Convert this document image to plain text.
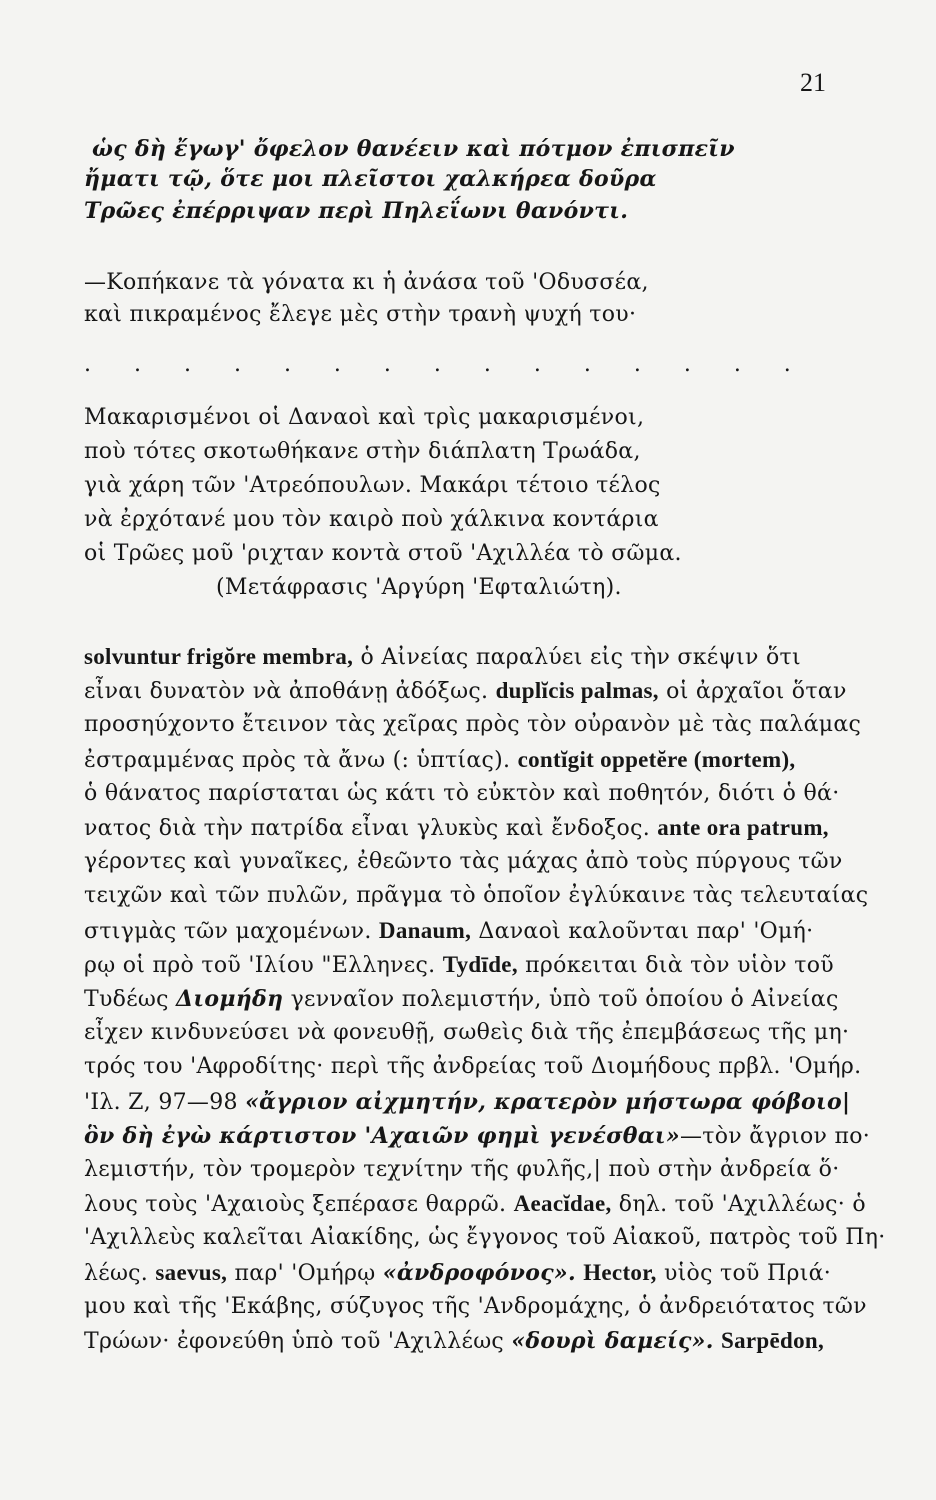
21
ὡς δὴ ἔγωγ' ὄφελον θανέειν καὶ πότμον ἐπισπεῖν
ἤματι τῷ, ὅτε μοι πλεῖστοι χαλκήρεα δοῦρα
Τρῶες ἐπέρριψαν περὶ Πηλεΐωνι θανόντι.
—Κοπήκανε τὰ γόνατα κι ἡ ἀνάσα τοῦ 'Οδυσσέα,
καὶ πικραμένος ἔλεγε μὲς στὴν τρανὴ ψυχή του·
. . . . . . . . . . . . . . .
Μακαρισμένοι οἱ Δαναοὶ καὶ τρὶς μακαρισμένοι,
ποὺ τότες σκοτωθήκανε στὴν διάπλατη Τρωάδα,
γιὰ χάρη τῶν 'Ατρεόπουλων. Μακάρι τέτοιο τέλος
νὰ ἐρχότανέ μου τὸν καιρὸ ποὺ χάλκινα κοντάρια
οἱ Τρῶες μοῦ 'ριχταν κοντὰ στοῦ 'Αχιλλέα τὸ σῶμα.
(Μετάφρασις 'Αργύρη 'Εφταλιώτη).
solvuntur frigŏre membra, ὁ Αἰνείας παραλύει εἰς τὴν σκέψιν ὅτι
εἶναι δυνατὸν νὰ ἀποθάνῃ ἀδόξως. duplĭcis palmas, οἱ ἀρχαῖοι ὅταν
προσηύχοντο ἔτεινον τὰς χεῖρας πρὸς τὸν οὐρανὸν μὲ τὰς παλάμας
ἐστραμμένας πρὸς τὰ ἄνω (: ὑπτίας). contĭgit oppetĕre (mortem),
ὁ θάνατος παρίσταται ὡς κάτι τὸ εὐκτὸν καὶ ποθητόν, διότι ὁ θά·
νατος διὰ τὴν πατρίδα εἶναι γλυκὺς καὶ ἔνδοξος. ante ora patrum,
γέροντες καὶ γυναῖκες, ἐθεῶντο τὰς μάχας ἀπὸ τοὺς πύργους τῶν
τειχῶν καὶ τῶν πυλῶν, πρᾶγμα τὸ ὁποῖον ἐγλύκαινε τὰς τελευταίας
στιγμὰς τῶν μαχομένων. Danaum, Δαναοὶ καλοῦνται παρ' 'Ομή·
ρῳ οἱ πρὸ τοῦ 'Ιλίου "Ελληνες. Tydīde, πρόκειται διὰ τὸν υἱὸν τοῦ
Τυδέως Διομήδη γενναῖον πολεμιστήν, ὑπὸ τοῦ ὁποίου ὁ Αἰνείας
εἶχεν κινδυνεύσει νὰ φονευθῇ, σωθεὶς διὰ τῆς ἐπεμβάσεως τῆς μη·
τρός του 'Αφροδίτης· περὶ τῆς ἀνδρείας τοῦ Διομήδους πρβλ. 'Ομήρ.
'Ιλ. Ζ, 97—98 «ἄγριον αἰχμητήν, κρατερὸν μήστωρα φόβοιο|
ὃν δὴ ἐγὼ κάρτιστον 'Αχαιῶν φημὶ γενέσθαι»—τὸν ἄγριον πο·
λεμιστήν, τὸν τρομερὸν τεχνίτην τῆς φυλῆς,| ποὺ στὴν ἀνδρεία ὅ·
λους τοὺς 'Αχαιοὺς ξεπέρασε θαρρῶ. Aeacĭdae, δηλ. τοῦ 'Αχιλλέως· ὁ
'Αχιλλεὺς καλεῖται Αἰακίδης, ὡς ἔγγονος τοῦ Αἰακοῦ, πατρὸς τοῦ Πη·
λέως. saevus, παρ' 'Ομήρῳ «ἀνδροφόνος». Hector, υἱὸς τοῦ Πριά·
μου καὶ τῆς 'Εκάβης, σύζυγος τῆς 'Ανδρομάχης, ὁ ἀνδρειότατος τῶν
Τρώων· ἐφονεύθη ὑπὸ τοῦ 'Αχιλλέως «δουρὶ δαμείς». Sarpēdon,
